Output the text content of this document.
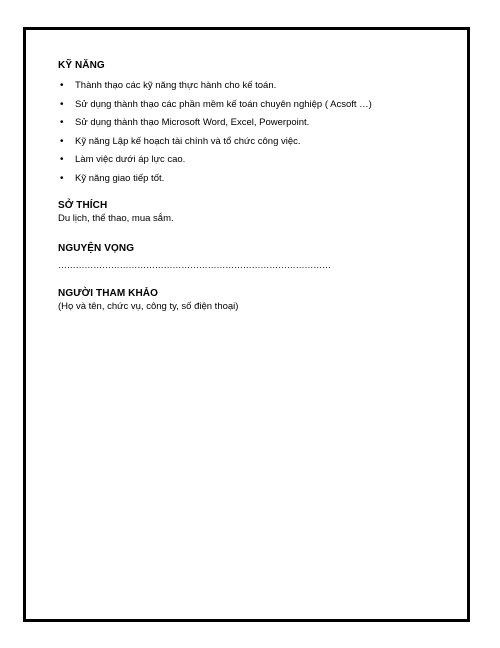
KỸ NĂNG
• Thành thạo các kỹ năng thực hành cho kế toán.
• Sử dụng thành thạo các phần mềm kế toán chuyên nghiệp ( Acsoft …)
• Sử dụng thành thạo Microsoft Word, Excel, Powerpoint.
• Kỹ năng Lập kế hoạch tài chính và tổ chức công việc.
• Làm việc dưới áp lực cao.
• Kỹ năng giao tiếp tốt.
SỞ THÍCH

Du lịch, thể thao, mua sắm.

NGUYỆN VỌNG
…………………………………………………………………………………
NGƯỜI THAM KHẢO

(Họ và tên, chức vụ, công ty, số điện thoại)
